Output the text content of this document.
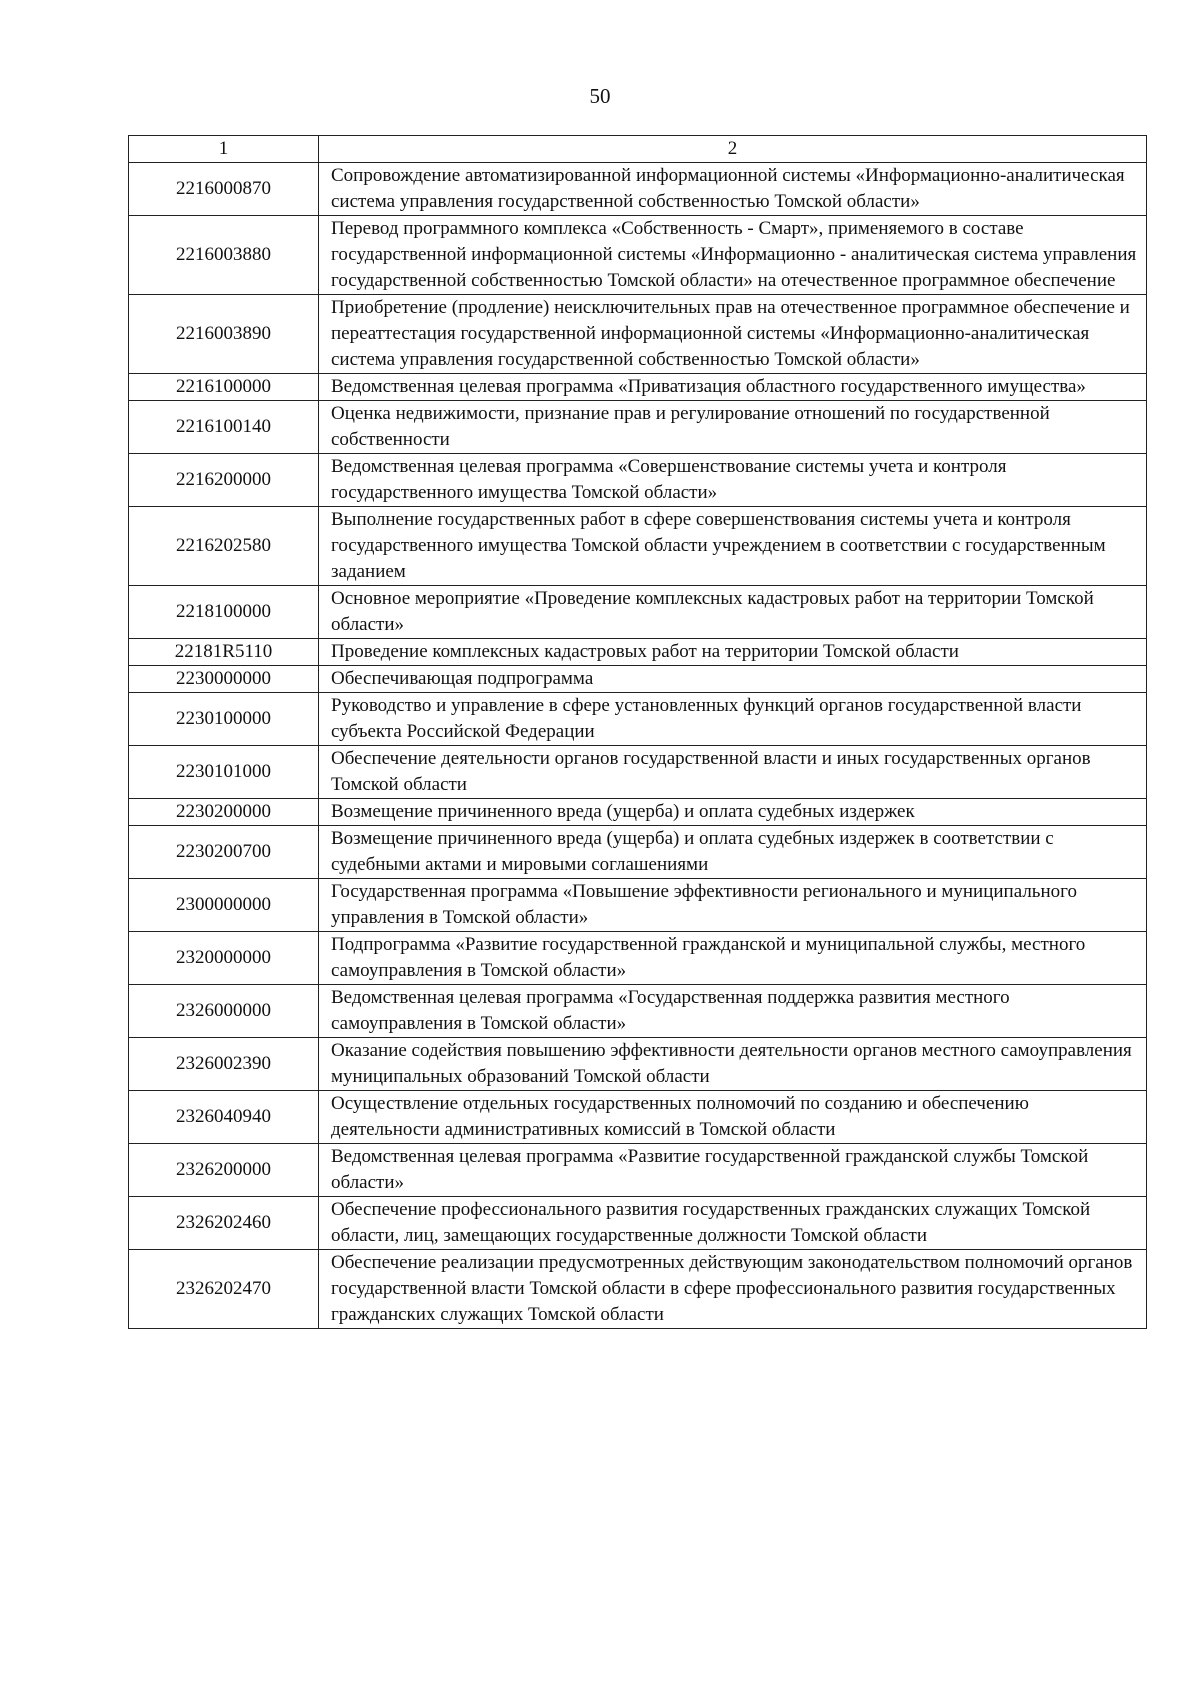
50
1	2
2216000870	Сопровождение автоматизированной информационной системы «Информационно-аналитическая система управления государственной собственностью Томской области»
2216003880	Перевод программного комплекса «Собственность - Смарт», применяемого в составе государственной информационной системы «Информационно - аналитическая система управления государственной собственностью Томской области» на отечественное программное обеспечение
2216003890	Приобретение (продление) неисключительных прав на отечественное программное обеспечение и переаттестация государственной информационной системы «Информационно-аналитическая система управления государственной собственностью Томской области»
2216100000	Ведомственная целевая программа «Приватизация областного государственного имущества»
2216100140	Оценка недвижимости, признание прав и регулирование отношений по государственной собственности
2216200000	Ведомственная целевая программа «Совершенствование системы учета и контроля государственного имущества Томской области»
2216202580	Выполнение государственных работ в сфере совершенствования системы учета и контроля государственного имущества Томской области учреждением в соответствии с государственным заданием
2218100000	Основное мероприятие «Проведение комплексных кадастровых работ на территории Томской области»
22181R5110	Проведение комплексных кадастровых работ на территории Томской области
2230000000	Обеспечивающая подпрограмма
2230100000	Руководство и управление в сфере установленных функций органов государственной власти субъекта Российской Федерации
2230101000	Обеспечение деятельности органов государственной власти и иных государственных органов Томской области
2230200000	Возмещение причиненного вреда (ущерба) и оплата судебных издержек
2230200700	Возмещение причиненного вреда (ущерба) и оплата судебных издержек в соответствии с судебными актами и мировыми соглашениями
2300000000	Государственная программа «Повышение эффективности регионального и муниципального управления в Томской области»
2320000000	Подпрограмма «Развитие государственной гражданской и муниципальной службы, местного самоуправления в Томской области»
2326000000	Ведомственная целевая программа «Государственная поддержка развития местного самоуправления в Томской области»
2326002390	Оказание содействия повышению эффективности деятельности органов местного самоуправления муниципальных образований Томской области
2326040940	Осуществление отдельных государственных полномочий по созданию и обеспечению деятельности административных комиссий в Томской области
2326200000	Ведомственная целевая программа «Развитие государственной гражданской службы Томской области»
2326202460	Обеспечение профессионального развития государственных гражданских служащих Томской области, лиц, замещающих государственные должности Томской области
2326202470	Обеспечение реализации предусмотренных действующим законодательством полномочий органов государственной власти Томской области в сфере профессионального развития государственных гражданских служащих Томской области
